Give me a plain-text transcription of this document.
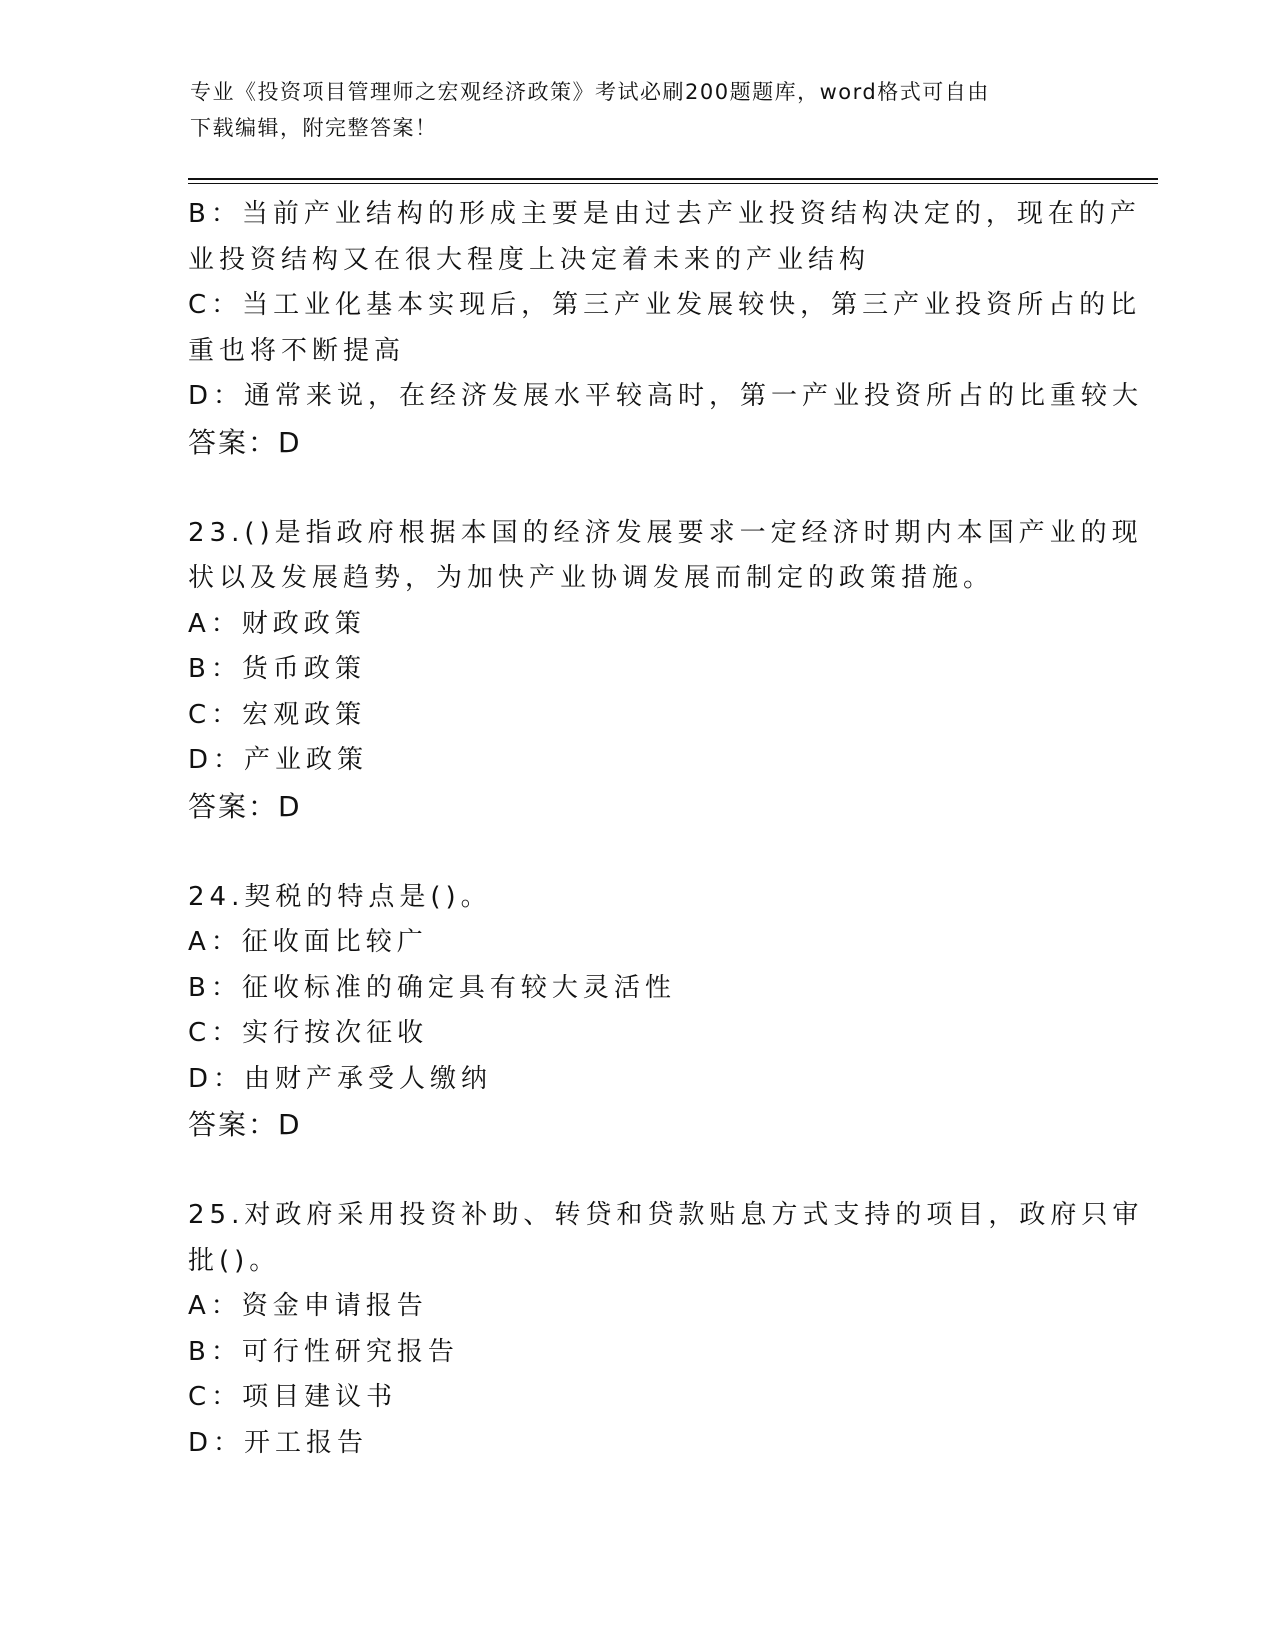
专业《投资项目管理师之宏观经济政策》考试必刷200题题库，word格式可自由
下载编辑，附完整答案！
B：当前产业结构的形成主要是由过去产业投资结构决定的，现在的产
业投资结构又在很大程度上决定着未来的产业结构
C：当工业化基本实现后，第三产业发展较快，第三产业投资所占的比
重也将不断提高
D：通常来说，在经济发展水平较高时，第一产业投资所占的比重较大
答案：D
23.()是指政府根据本国的经济发展要求一定经济时期内本国产业的现
状以及发展趋势，为加快产业协调发展而制定的政策措施。
A：财政政策
B：货币政策
C：宏观政策
D：产业政策
答案：D
24.契税的特点是()。
A：征收面比较广
B：征收标准的确定具有较大灵活性
C：实行按次征收
D：由财产承受人缴纳
答案：D
25.对政府采用投资补助、转贷和贷款贴息方式支持的项目，政府只审
批()。
A：资金申请报告
B：可行性研究报告
C：项目建议书
D：开工报告
